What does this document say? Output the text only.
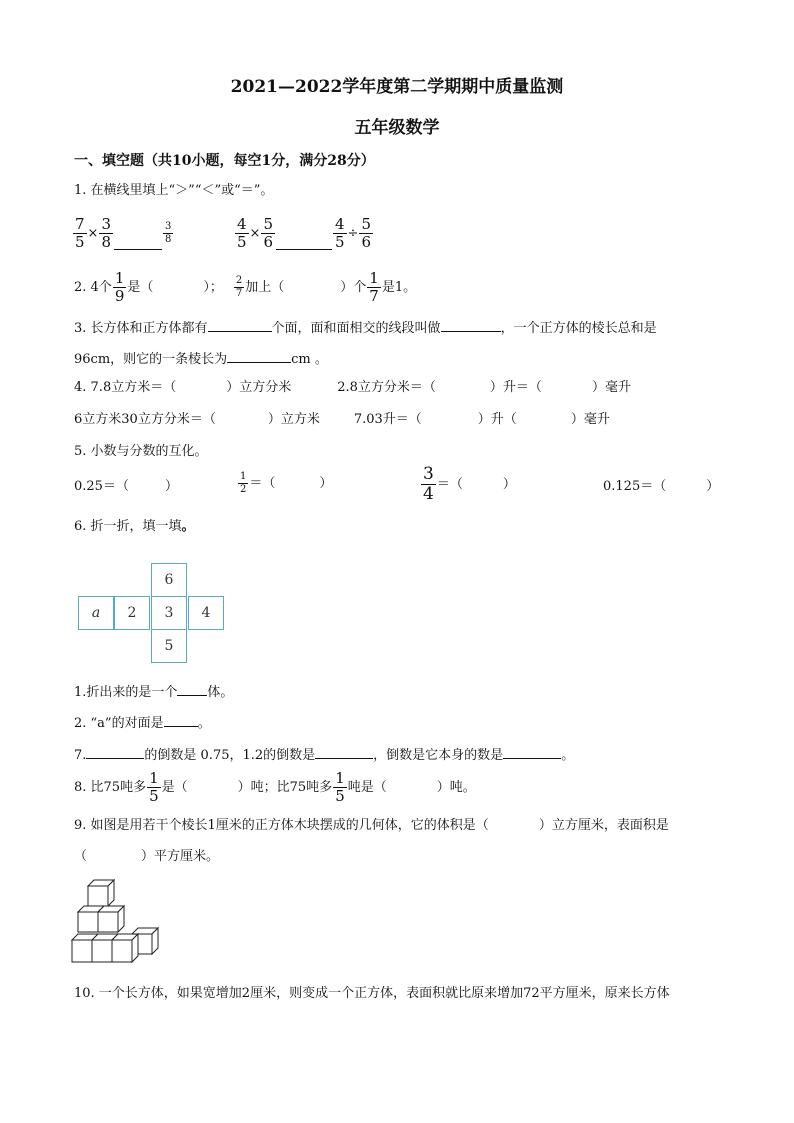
2021—2022学年度第二学期期中质量监测
五年级数学
一、填空题（共10小题，每空1分，满分28分）
1. 在横线里填上“＞”“＜”或“＝”。
$\frac{7}{5} \times \frac{3}{8}$	$\frac{3}{8}$	$\frac{4}{5} \times \frac{5}{6}$	$\frac{4}{5} \div \frac{5}{6}$
2. 4个 $\frac{1}{9}$ 是（	）； $\frac{2}{7}$ 加上（	）个 $\frac{1}{7}$ 是1。
3. 长方体和正方体都有	个面，面和面相交的线段叫做	，一个正方体的棱长总和是
96cm，则它的一条棱长为	cm 。
4. 7.8立方米＝（	）立方分米	2.8立方分米＝（	）升＝（	）毫升
6立方米30立方分米＝（	）立方米	7.03升＝（	）升（	）毫升
5. 小数与分数的互化。
0.25＝（	）	$\frac{1}{2}$ ＝（	）	$\frac{3}{4}$ ＝（	）	0.125＝（	）
6. 折一折，填一填。
6
a	2	3	4
5
1.折出来的是一个 体。
2. “a”的对面是	。
7.	的倒数是 0.75，1.2的倒数是	，倒数是它本身的数是	。
8. 比75吨多 $\frac{1}{5}$ 是（	）吨；比75吨多 $\frac{1}{5}$ 吨是（	）吨。
9. 如图是用若干个棱长1厘米的正方体木块摆成的几何体，它的体积是（	）立方厘米，表面积是
（	）平方厘米。
10. 一个长方体，如果宽增加2厘米，则变成一个正方体，表面积就比原来增加72平方厘米，原来长方体
